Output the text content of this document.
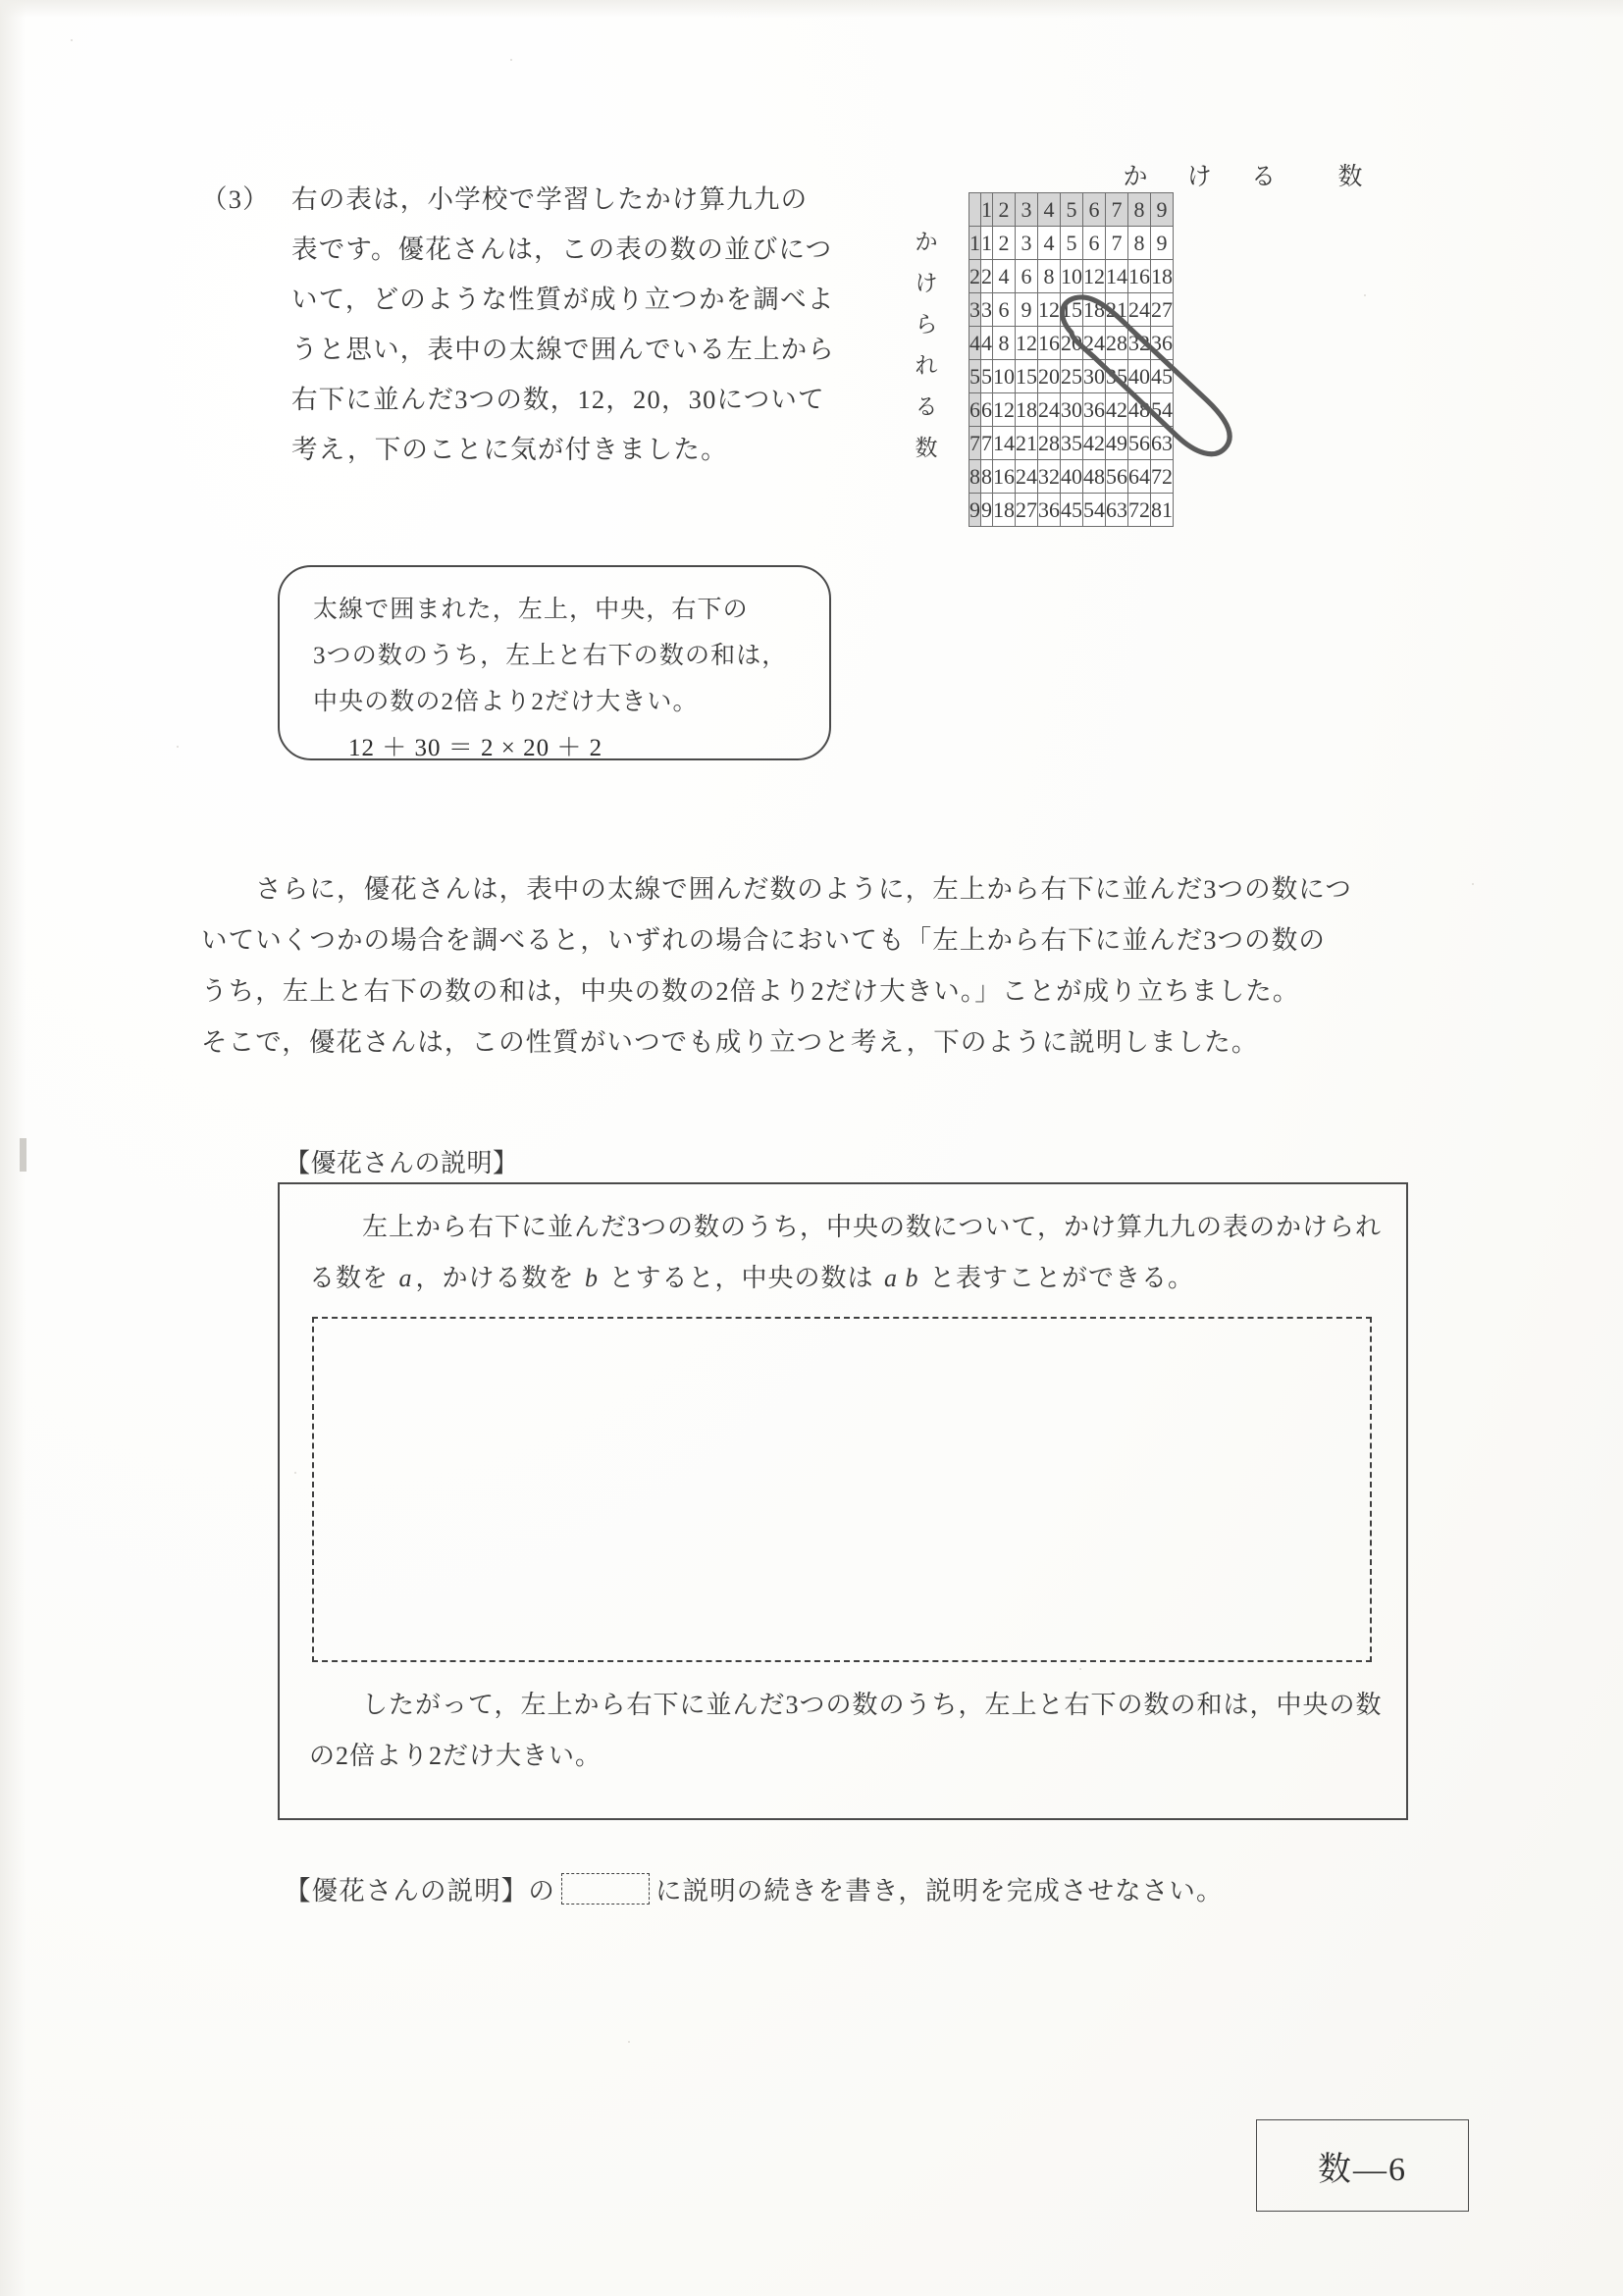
（3） 右の表は，小学校で学習したかけ算九九の
表です。優花さんは，この表の数の並びにつ
いて，どのような性質が成り立つかを調べよ
うと思い，表中の太線で囲んでいる左上から
右下に並んだ3つの数，12，20，30について
考え，下のことに気が付きました。
太線で囲まれた，左上，中央，右下の
3つの数のうち，左上と右下の数の和は，
中央の数の2倍より2だけ大きい。
12 ＋ 30 ＝ 2 × 20 ＋ 2
か け る  数
か
け
ら
れ
る
数
	1	2	3	4	5	6	7	8	9
1	1	2	3	4	5	6	7	8	9
2	2	4	6	8	10	12	14	16	18
3	3	6	9	12	15	18	21	24	27
4	4	8	12	16	20	24	28	32	36
5	5	10	15	20	25	30	35	40	45
6	6	12	18	24	30	36	42	48	54
7	7	14	21	28	35	42	49	56	63
8	8	16	24	32	40	48	56	64	72
9	9	18	27	36	45	54	63	72	81

　　さらに，優花さんは，表中の太線で囲んだ数のように，左上から右下に並んだ3つの数につ

いていくつかの場合を調べると，いずれの場合においても「左上から右下に並んだ3つの数の

うち，左上と右下の数の和は，中央の数の2倍より2だけ大きい。」ことが成り立ちました。

そこで，優花さんは，この性質がいつでも成り立つと考え，下のように説明しました。

【優花さんの説明】

　　左上から右下に並んだ3つの数のうち，中央の数について，かけ算九九の表のかけられ

る数を a ，かける数を b とすると，中央の数は a b と表すことができる。

　　したがって，左上から右下に並んだ3つの数のうち，左上と右下の数の和は，中央の数

の2倍より2だけ大きい。

【優花さんの説明】の	に説明の続きを書き，説明を完成させなさい。
数—6
